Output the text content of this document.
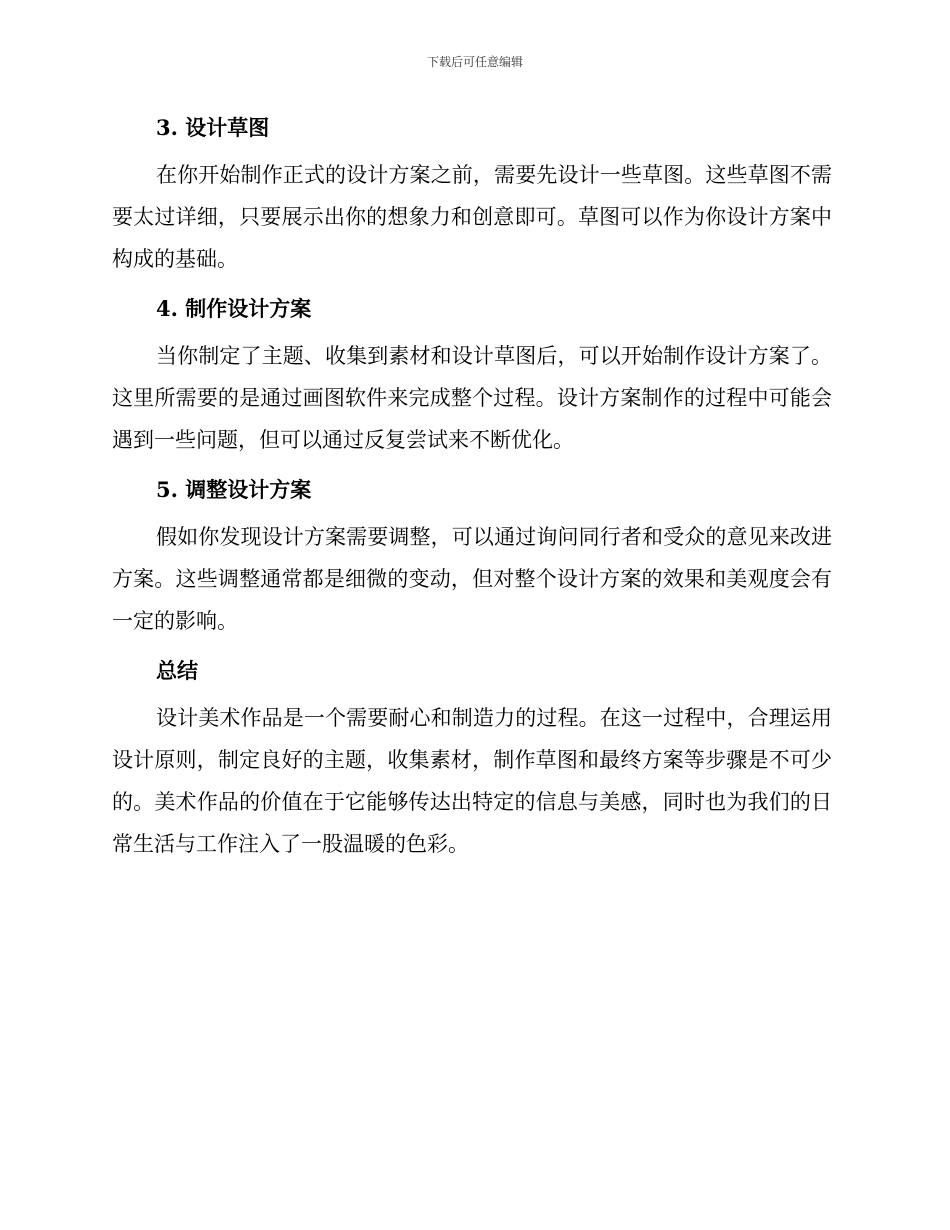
下载后可任意编辑
3. 设计草图

在你开始制作正式的设计方案之前，需要先设计一些草图。这些草图不需要太过详细，只要展示出你的想象力和创意即可。草图可以作为你设计方案中构成的基础。

4. 制作设计方案

当你制定了主题、收集到素材和设计草图后，可以开始制作设计方案了。这里所需要的是通过画图软件来完成整个过程。设计方案制作的过程中可能会遇到一些问题，但可以通过反复尝试来不断优化。

5. 调整设计方案

假如你发现设计方案需要调整，可以通过询问同行者和受众的意见来改进方案。这些调整通常都是细微的变动，但对整个设计方案的效果和美观度会有一定的影响。

总结

设计美术作品是一个需要耐心和制造力的过程。在这一过程中，合理运用设计原则，制定良好的主题，收集素材，制作草图和最终方案等步骤是不可少的。美术作品的价值在于它能够传达出特定的信息与美感，同时也为我们的日常生活与工作注入了一股温暖的色彩。
